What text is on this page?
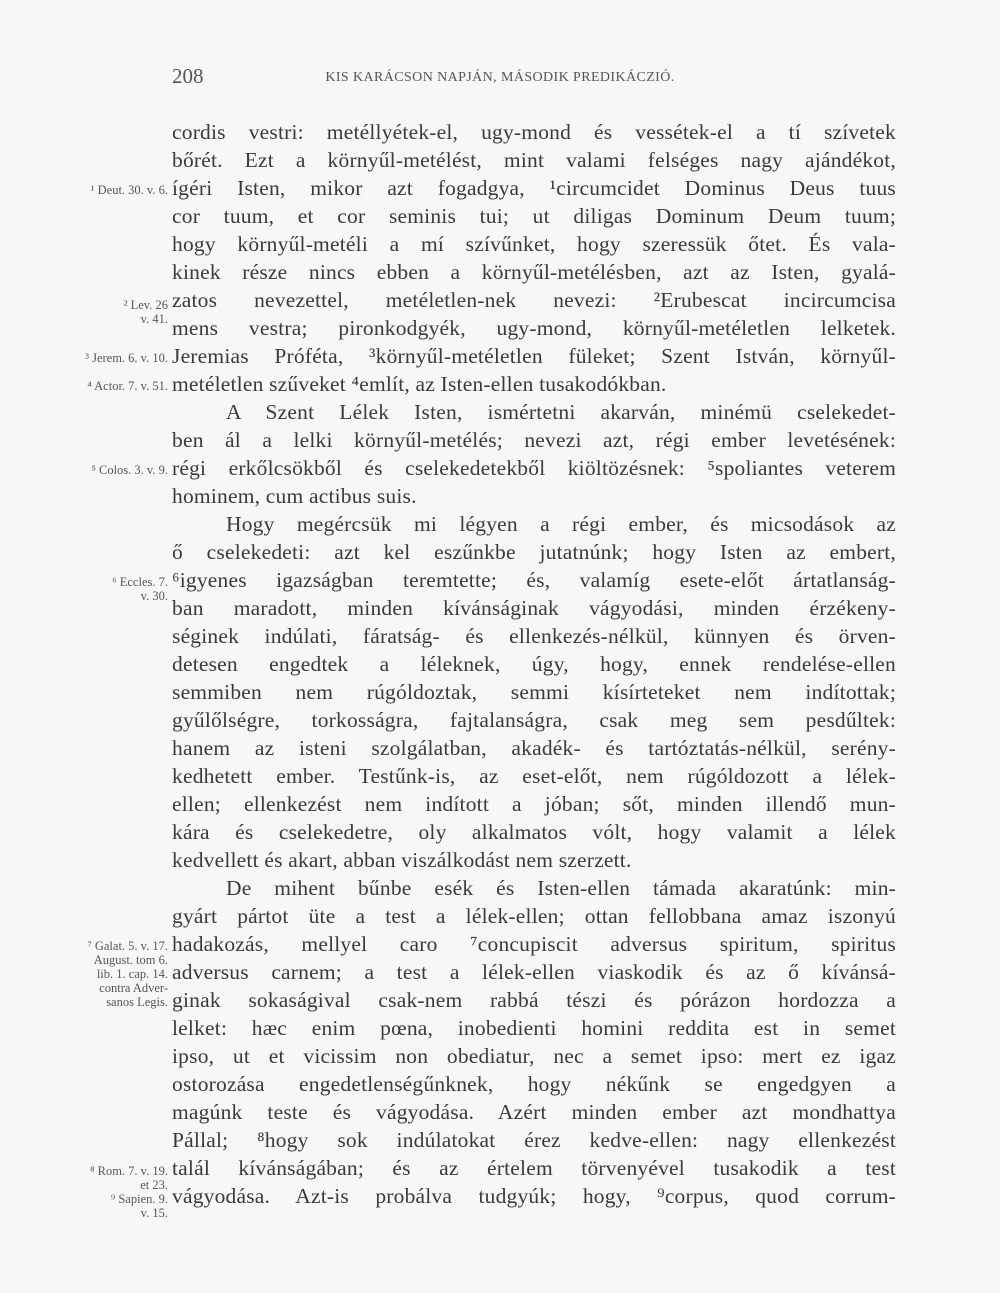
208	KIS KARÁCSON NAPJÁN, MÁSODIK PREDIKÁCZIÓ.
cordis vestri: metéllyétek-el, ugy-mond és vessétek-el a tí szívetek
bőrét. Ezt a környűl-metélést, mint valami felséges nagy ajándékot,
ígéri Isten, mikor azt fogadgya, ¹circumcidet Dominus Deus tuus
cor tuum, et cor seminis tui; ut diligas Dominum Deum tuum;
hogy környűl-metéli a mí szívűnket, hogy szeressük őtet. És vala-
kinek része nincs ebben a környűl-metélésben, azt az Isten, gyalá-
zatos nevezettel, metéletlen-nek nevezi: ²Erubescat incircumcisa
mens vestra; pironkodgyék, ugy-mond, környűl-metéletlen lelketek.
Jeremias Próféta, ³környűl-metéletlen füleket; Szent István, környűl-
metéletlen szűveket ⁴említ, az Isten-ellen tusakodókban.
A Szent Lélek Isten, ismértetni akarván, minémü cselekedet-
ben ál a lelki környűl-metélés; nevezi azt, régi ember levetésének:
régi erkőlcsökből és cselekedetekből kiöltözésnek: ⁵spoliantes veterem
hominem, cum actibus suis.
Hogy megércsük mi légyen a régi ember, és micsodások az
ő cselekedeti: azt kel eszűnkbe jutatnúnk; hogy Isten az embert,
⁶igyenes igazságban teremtette; és, valamíg esete-előt ártatlanság-
ban maradott, minden kívánságinak vágyodási, minden érzékeny-
séginek indúlati, fáratság- és ellenkezés-nélkül, künnyen és örven-
detesen engedtek a léleknek, úgy, hogy, ennek rendelése-ellen
semmiben nem rúgóldoztak, semmi kísírteteket nem indítottak;
gyűlőlségre, torkosságra, fajtalanságra, csak meg sem pesdűltek:
hanem az isteni szolgálatban, akadék- és tartóztatás-nélkül, serény-
kedhetett ember. Testűnk-is, az eset-előt, nem rúgóldozott a lélek-
ellen; ellenkezést nem indított a jóban; sőt, minden illendő mun-
kára és cselekedetre, oly alkalmatos vólt, hogy valamit a lélek
kedvellett és akart, abban viszálkodást nem szerzett.
De mihent bűnbe esék és Isten-ellen támada akaratúnk: min-
gyárt pártot üte a test a lélek-ellen; ottan fellobbana amaz iszonyú
hadakozás, mellyel caro ⁷concupiscit adversus spiritum, spiritus
adversus carnem; a test a lélek-ellen viaskodik és az ő kívánsá-
ginak sokaságival csak-nem rabbá tészi és pórázon hordozza a
lelket: hæc enim pœna, inobedienti homini reddita est in semet
ipso, ut et vicissim non obediatur, nec a semet ipso: mert ez igaz
ostorozása engedetlenségűnknek, hogy nékűnk se engedgyen a
magúnk teste és vágyodása. Azért minden ember azt mondhattya
Pállal; ⁸hogy sok indúlatokat érez kedve-ellen: nagy ellenkezést
talál kívánságában; és az értelem törvenyével tusakodik a test
vágyodása. Azt-is probálva tudgyúk; hogy, ⁹corpus, quod corrum-
¹ Deut. 30. v. 6.
² Lev. 26
v. 41.
³ Jerem. 6. v. 10.
⁴ Actor. 7. v. 51.
⁵ Colos. 3. v. 9.
⁶ Eccles. 7.
v. 30.
⁷ Galat. 5. v. 17.
August. tom 6.
lib. 1. cap. 14.
contra Adver-
sanos Legis.
⁸ Rom. 7. v. 19.
et 23.
⁹ Sapien. 9.
v. 15.
